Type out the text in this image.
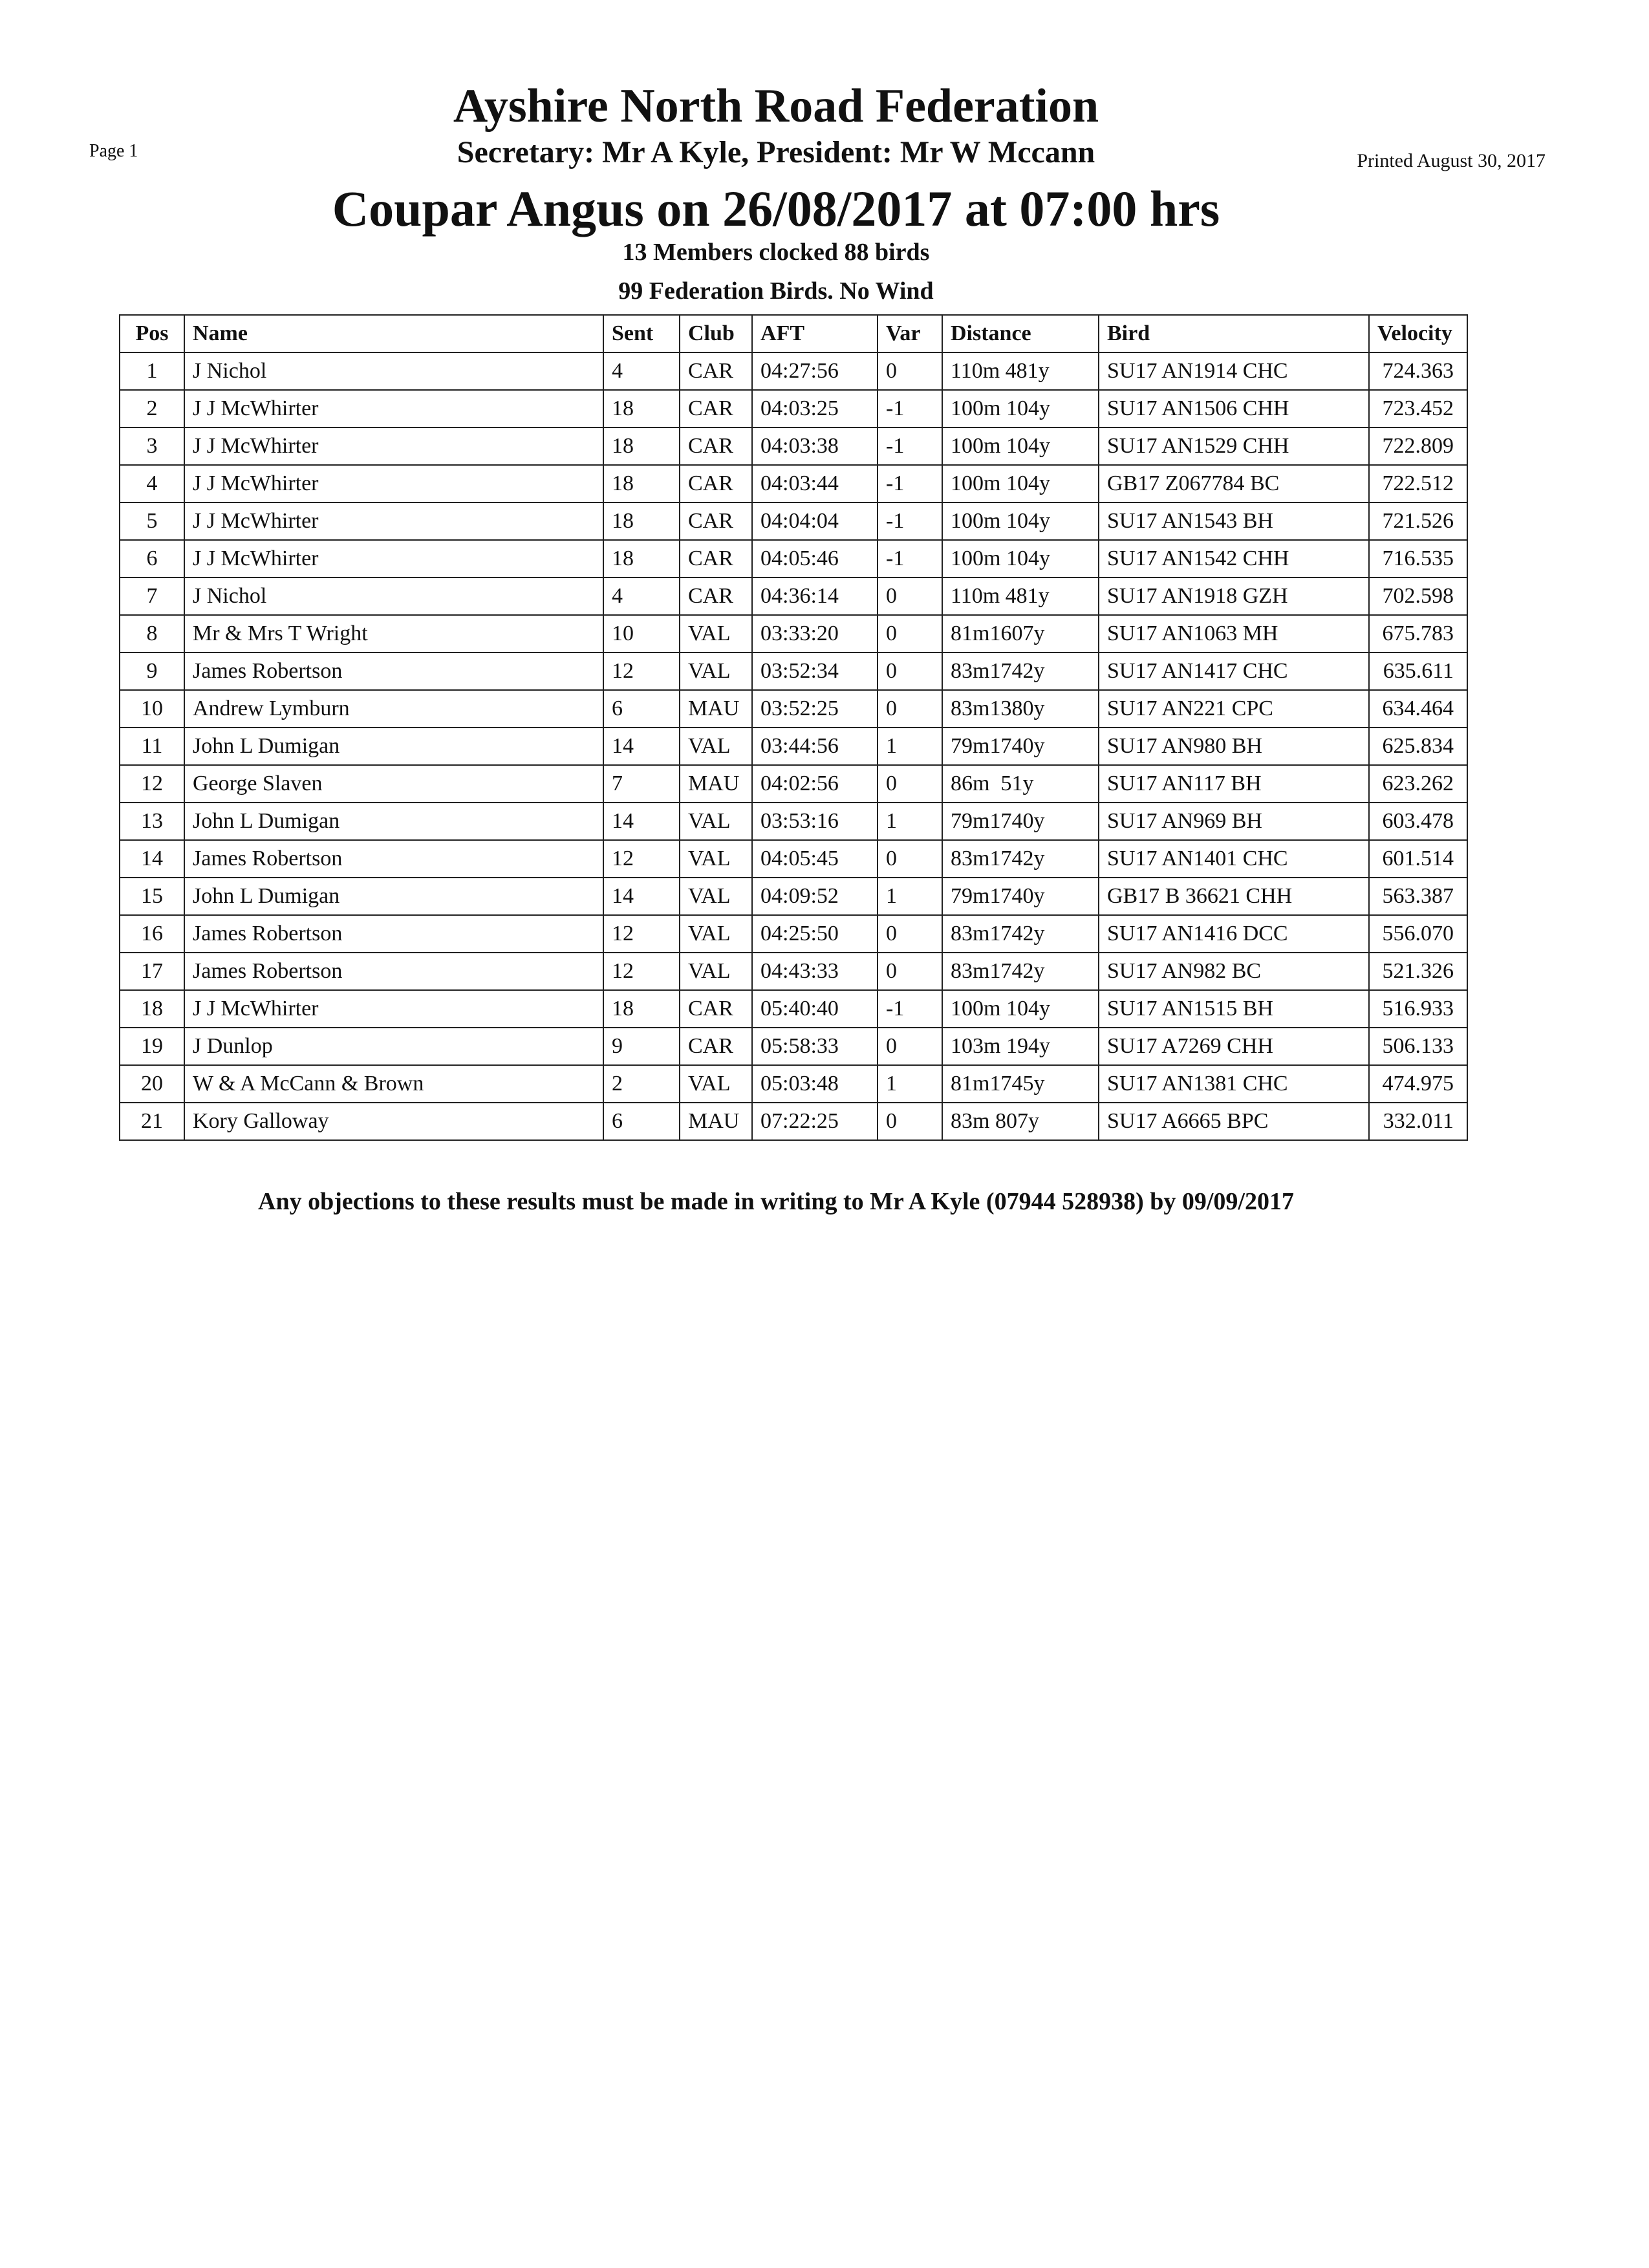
Page 1	Printed August 30, 2017
Ayshire North Road Federation
Secretary: Mr A Kyle, President: Mr W Mccann
Coupar Angus on 26/08/2017 at 07:00 hrs
13 Members clocked 88 birds
99 Federation Birds. No Wind
Pos	Name	Sent	Club	AFT	Var	Distance	Bird	Velocity
1	J Nichol	4	CAR	04:27:56	0	110m 481y	SU17 AN1914 CHC	724.363
2	J J McWhirter	18	CAR	04:03:25	-1	100m 104y	SU17 AN1506 CHH	723.452
3	J J McWhirter	18	CAR	04:03:38	-1	100m 104y	SU17 AN1529 CHH	722.809
4	J J McWhirter	18	CAR	04:03:44	-1	100m 104y	GB17 Z067784 BC	722.512
5	J J McWhirter	18	CAR	04:04:04	-1	100m 104y	SU17 AN1543 BH	721.526
6	J J McWhirter	18	CAR	04:05:46	-1	100m 104y	SU17 AN1542 CHH	716.535
7	J Nichol	4	CAR	04:36:14	0	110m 481y	SU17 AN1918 GZH	702.598
8	Mr & Mrs T Wright	10	VAL	03:33:20	0	81m1607y	SU17 AN1063 MH	675.783
9	James Robertson	12	VAL	03:52:34	0	83m1742y	SU17 AN1417 CHC	635.611
10	Andrew Lymburn	6	MAU	03:52:25	0	83m1380y	SU17 AN221 CPC	634.464
11	John L Dumigan	14	VAL	03:44:56	1	79m1740y	SU17 AN980 BH	625.834
12	George Slaven	7	MAU	04:02:56	0	86m  51y	SU17 AN117 BH	623.262
13	John L Dumigan	14	VAL	03:53:16	1	79m1740y	SU17 AN969 BH	603.478
14	James Robertson	12	VAL	04:05:45	0	83m1742y	SU17 AN1401 CHC	601.514
15	John L Dumigan	14	VAL	04:09:52	1	79m1740y	GB17 B 36621 CHH	563.387
16	James Robertson	12	VAL	04:25:50	0	83m1742y	SU17 AN1416 DCC	556.070
17	James Robertson	12	VAL	04:43:33	0	83m1742y	SU17 AN982 BC	521.326
18	J J McWhirter	18	CAR	05:40:40	-1	100m 104y	SU17 AN1515 BH	516.933
19	J Dunlop	9	CAR	05:58:33	0	103m 194y	SU17 A7269 CHH	506.133
20	W & A McCann & Brown	2	VAL	05:03:48	1	81m1745y	SU17 AN1381 CHC	474.975
21	Kory Galloway	6	MAU	07:22:25	0	83m 807y	SU17 A6665 BPC	332.011
Any objections to these results must be made in writing to Mr A Kyle (07944 528938) by 09/09/2017
